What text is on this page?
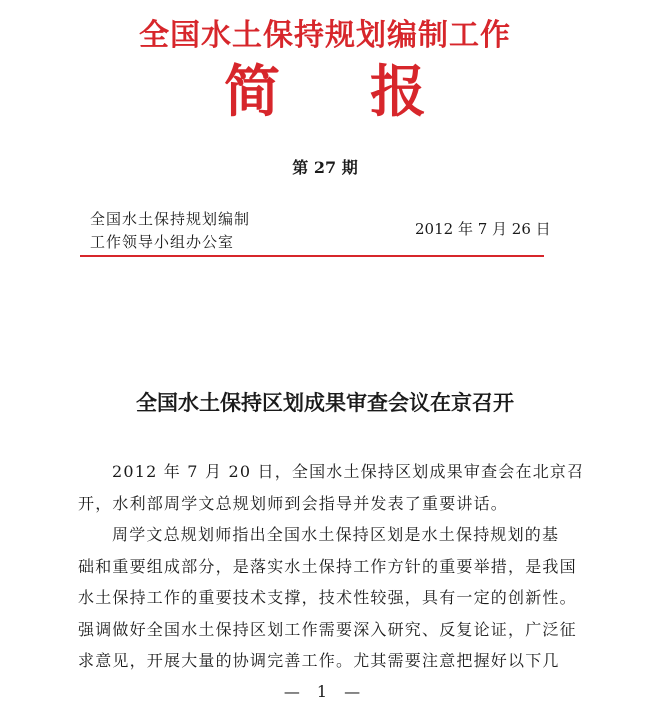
全国水土保持规划编制工作
简报
第 27 期
全国水土保持规划编制
工作领导小组办公室
2012 年 7 月 26 日
全国水土保持区划成果审查会议在京召开
2012 年 7 月 20 日，全国水土保持区划成果审查会在北京召
开，水利部周学文总规划师到会指导并发表了重要讲话。
周学文总规划师指出全国水土保持区划是水土保持规划的基
础和重要组成部分，是落实水土保持工作方针的重要举措，是我国
水土保持工作的重要技术支撑，技术性较强，具有一定的创新性。
强调做好全国水土保持区划工作需要深入研究、反复论证，广泛征
求意见，开展大量的协调完善工作。尤其需要注意把握好以下几
— 1 —
